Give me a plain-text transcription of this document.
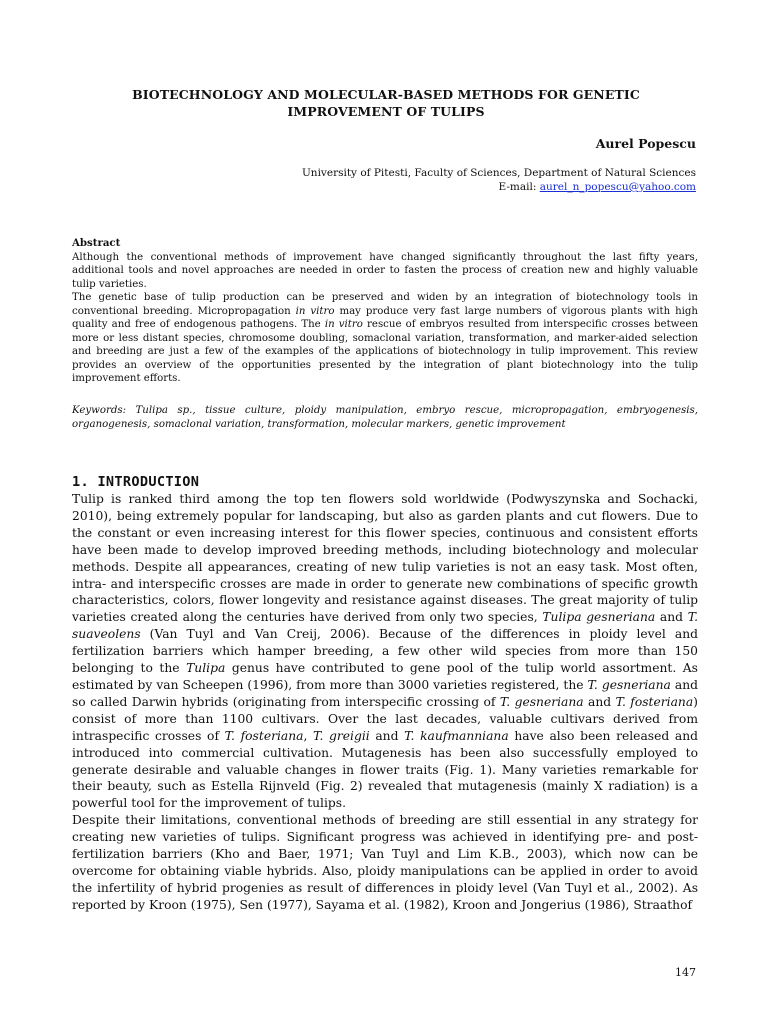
BIOTECHNOLOGY AND MOLECULAR-BASED METHODS FOR GENETIC IMPROVEMENT OF TULIPS
Aurel Popescu
University of Pitesti, Faculty of Sciences, Department of Natural Sciences
E-mail: aurel_n_popescu@yahoo.com

Abstract

Although the conventional methods of improvement have changed significantly throughout the last fifty years, additional tools and novel approaches are needed in order to fasten the process of creation new and highly valuable tulip varieties.

The genetic base of tulip production can be preserved and widen by an integration of biotechnology tools in conventional breeding. Micropropagation in vitro may produce very fast large numbers of vigorous plants with high quality and free of endogenous pathogens. The in vitro rescue of embryos resulted from interspecific crosses between more or less distant species, chromosome doubling, somaclonal variation, transformation, and marker-aided selection and breeding are just a few of the examples of the applications of biotechnology in tulip improvement. This review provides an overview of the opportunities presented by the integration of plant biotechnology into the tulip improvement efforts.

Keywords: Tulipa sp., tissue culture, ploidy manipulation, embryo rescue, micropropagation, embryogenesis, organogenesis, somaclonal variation, transformation, molecular markers, genetic improvement
1. INTRODUCTION

Tulip is ranked third among the top ten flowers sold worldwide (Podwyszynska and Sochacki, 2010), being extremely popular for landscaping, but also as garden plants and cut flowers. Due to the constant or even increasing interest for this flower species, continuous and consistent efforts have been made to develop improved breeding methods, including biotechnology and molecular methods. Despite all appearances, creating of new tulip varieties is not an easy task. Most often, intra- and interspecific crosses are made in order to generate new combinations of specific growth characteristics, colors, flower longevity and resistance against diseases. The great majority of tulip varieties created along the centuries have derived from only two species, Tulipa gesneriana and T. suaveolens (Van Tuyl and Van Creij, 2006). Because of the differences in ploidy level and fertilization barriers which hamper breeding, a few other wild species from more than 150 belonging to the Tulipa genus have contributed to gene pool of the tulip world assortment. As estimated by van Scheepen (1996), from more than 3000 varieties registered, the T. gesneriana and so called Darwin hybrids (originating from interspecific crossing of T. gesneriana and T. fosteriana) consist of more than 1100 cultivars. Over the last decades, valuable cultivars derived from intraspecific crosses of T. fosteriana, T. greigii and T. kaufmanniana have also been released and introduced into commercial cultivation. Mutagenesis has been also successfully employed to generate desirable and valuable changes in flower traits (Fig. 1). Many varieties remarkable for their beauty, such as Estella Rijnveld (Fig. 2) revealed that mutagenesis (mainly X radiation) is a powerful tool for the improvement of tulips.

Despite their limitations, conventional methods of breeding are still essential in any strategy for creating new varieties of tulips. Significant progress was achieved in identifying pre- and post-fertilization barriers (Kho and Baer, 1971; Van Tuyl and Lim K.B., 2003), which now can be overcome for obtaining viable hybrids. Also, ploidy manipulations can be applied in order to avoid the infertility of hybrid progenies as result of differences in ploidy level (Van Tuyl et al., 2002). As reported by Kroon (1975), Sen (1977), Sayama et al. (1982), Kroon and Jongerius (1986), Straathof

147
